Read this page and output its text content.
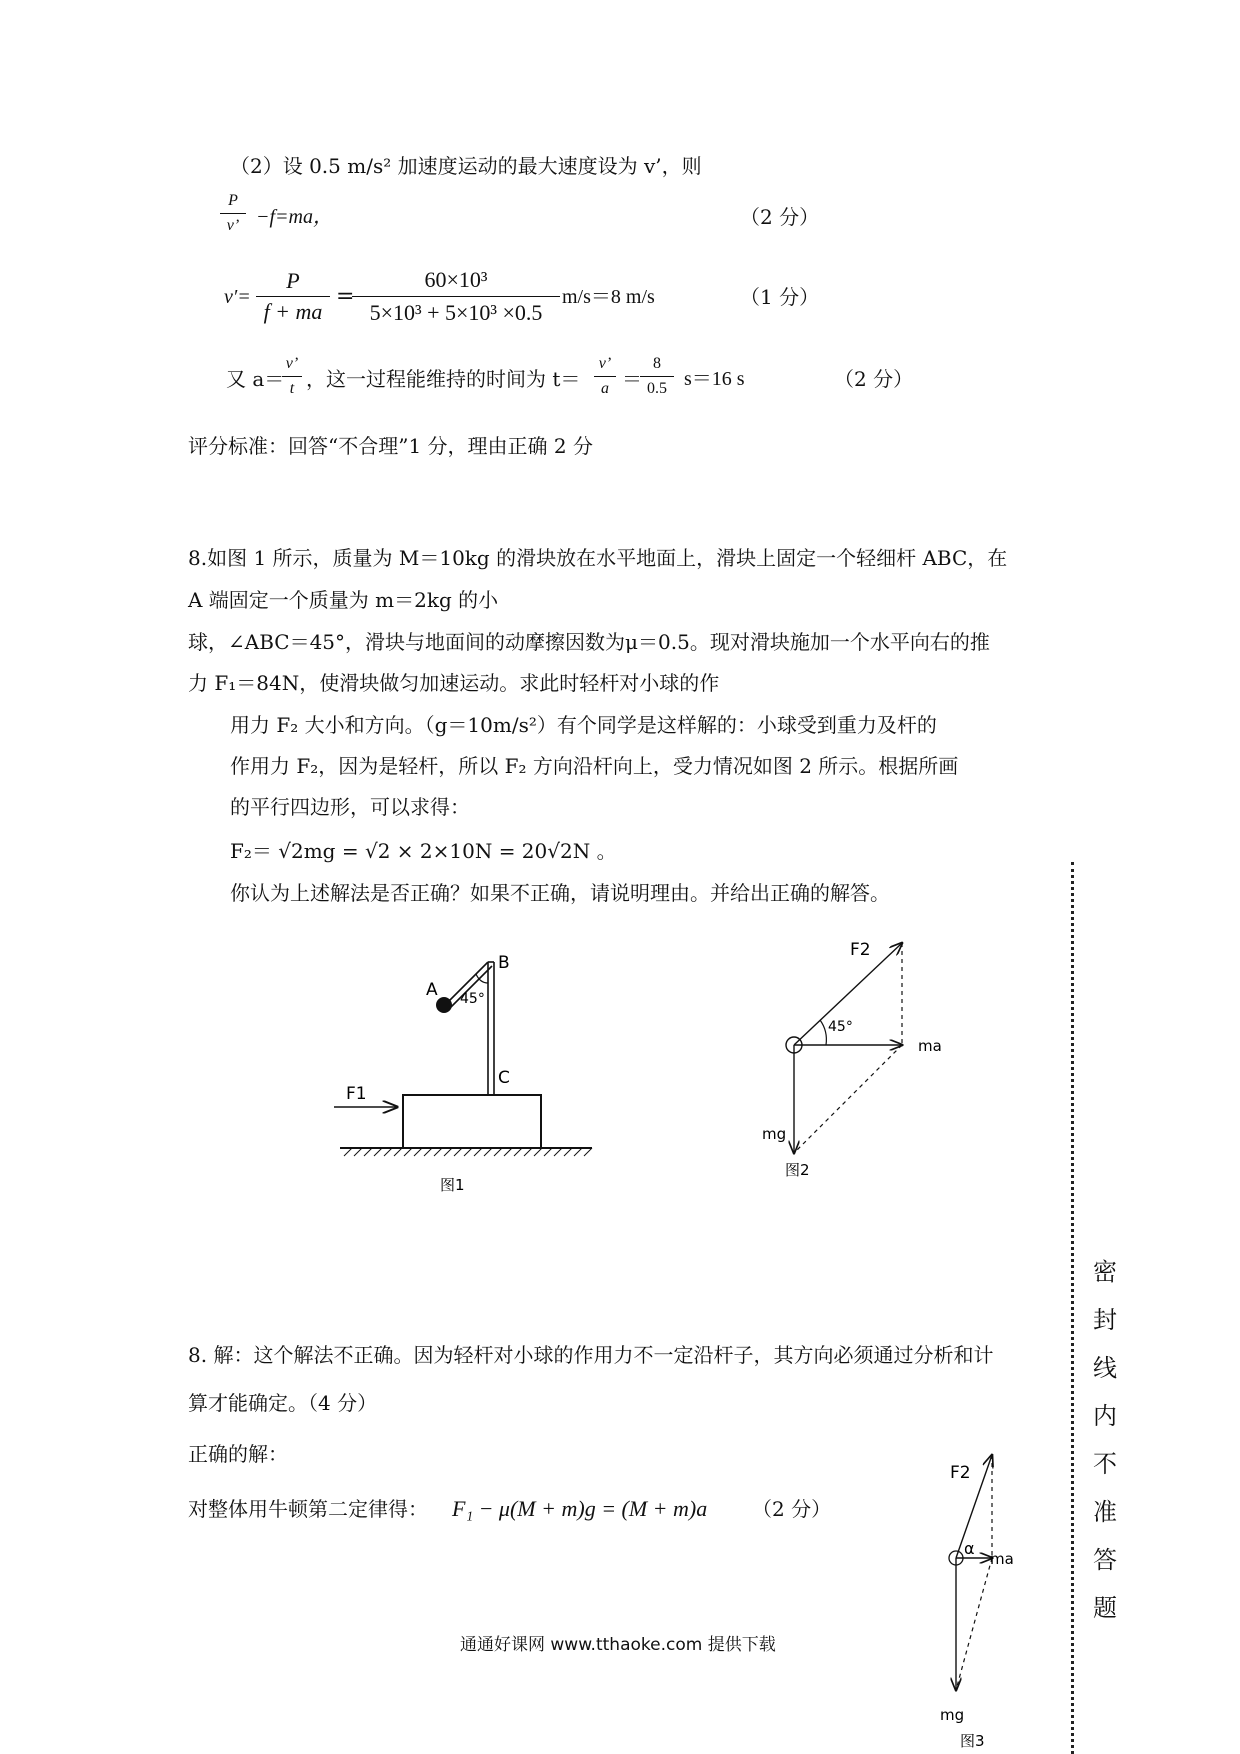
（2）设 0.5 m/s² 加速度运动的最大速度设为 v’，则
$\frac{P}{v’} -f=ma$，	（2 分）
$v'= \frac{P}{f + ma}$ =
$\frac{\text{60×10³}}{\text{5×10³ + 5×10³ ×0.5}} m/s=8$ m/s	（1 分）
又 a＝
$\frac{v’}{t}$ ，这一过程能维持的时间为 $t= \frac{v’}{a}$ ＝
$\frac{8}{0.5} s=16$ s	（2 分）
评分标准：回答“不合理”1 分，理由正确 2 分
8.如图 1 所示，质量为 M＝10kg 的滑块放在水平地面上，滑块上固定一个轻细杆 ABC，在
A 端固定一个质量为 m＝2kg 的小
球，∠ABC＝45°，滑块与地面间的动摩擦因数为μ＝0.5。现对滑块施加一个水平向右的推
力 F₁＝84N，使滑块做匀加速运动。求此时轻杆对小球的作
用力 F₂ 大小和方向。（g＝10m/s²）有个同学是这样解的：小球受到重力及杆的
作用力 F₂，因为是轻杆，所以 F₂ 方向沿杆向上，受力情况如图 2 所示。根据所画
的平行四边形，可以求得：
F₂＝ √2mg = √2 × 2×10N = 20√2N 。
你认为上述解法是否正确？如果不正确，请说明理由。并给出正确的解答。
A
B
C
45°
F1
图1
F2
45°
ma
mg
图2
8. 解：这个解法不正确。因为轻杆对小球的作用力不一定沿杆子，其方向必须通过分析和计
算才能确定。（4 分）
正确的解：
对整体用牛顿第二定律得： F₁ − μ(M + m)g = (M + m)a （2 分）
F2
α
ma
mg
图3
密
封
线
内
不
准
答
题
通通好课网 www.tthaoke.com 提供下载
